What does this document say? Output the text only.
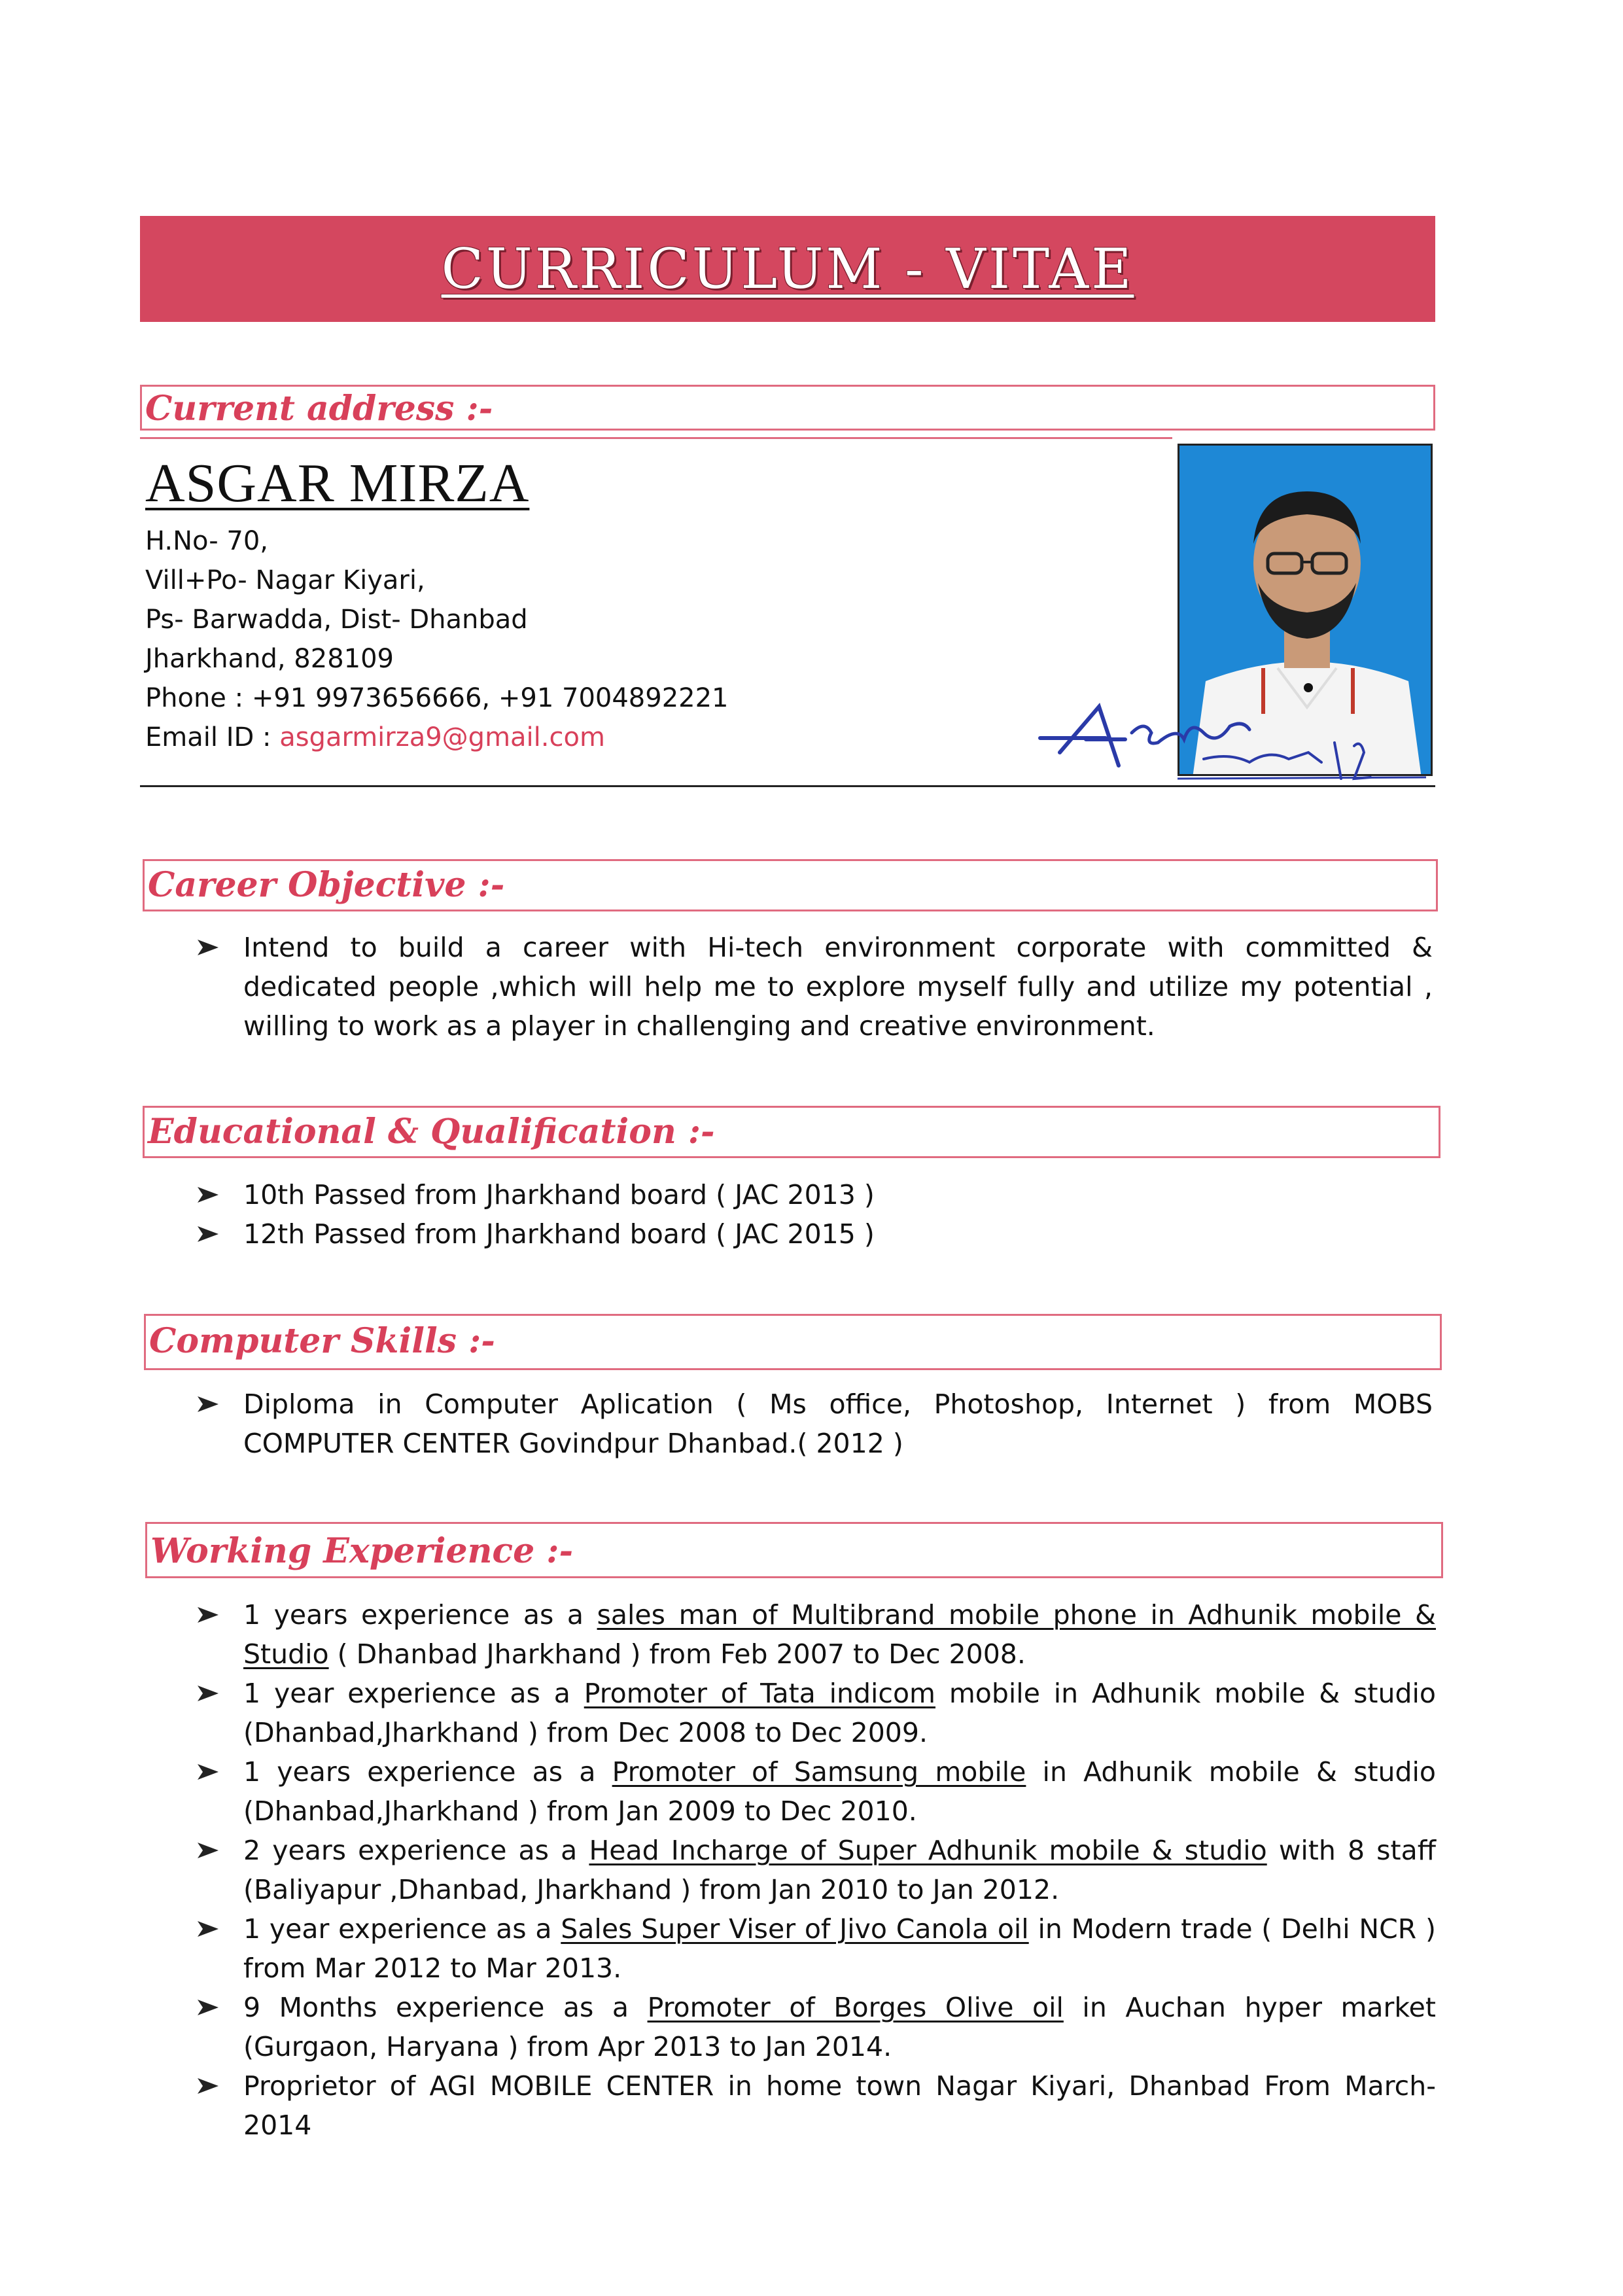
CURRICULUM - VITAE
Current address :-
ASGAR MIRZA
H.No- 70,
Vill+Po- Nagar Kiyari,
Ps- Barwadda, Dist- Dhanbad
Jharkhand, 828109
Phone : +91 9973656666, +91 7004892221
Email ID : asgarmirza9@gmail.com
Career Objective :-
Intend to build a career with Hi-tech environment corporate with committed & dedicated people ,which will help me to explore myself fully and utilize my potential , willing to work as a player in challenging and creative environment.
Educational & Qualification :-
10th Passed from Jharkhand board ( JAC 2013 )
12th Passed from Jharkhand board ( JAC 2015 )
Computer Skills :-
Diploma in Computer Aplication ( Ms office, Photoshop, Internet ) from MOBS COMPUTER CENTER Govindpur Dhanbad.( 2012 )
Working Experience :-
1 years experience as a sales man of Multibrand mobile phone in Adhunik mobile & Studio ( Dhanbad Jharkhand ) from Feb 2007 to Dec 2008.
1 year experience as a Promoter of Tata indicom mobile in Adhunik mobile & studio (Dhanbad,Jharkhand ) from Dec 2008 to Dec 2009.
1 years experience as a Promoter of Samsung mobile in Adhunik mobile & studio (Dhanbad,Jharkhand ) from Jan 2009 to Dec 2010.
2 years experience as a Head Incharge of Super Adhunik mobile & studio with 8 staff (Baliyapur ,Dhanbad, Jharkhand ) from Jan 2010 to Jan 2012.
1 year experience as a Sales Super Viser of Jivo Canola oil in Modern trade ( Delhi NCR ) from Mar 2012 to Mar 2013.
9 Months experience as a Promoter of Borges Olive oil in Auchan hyper market (Gurgaon, Haryana ) from Apr 2013 to Jan 2014.
Proprietor of AGI MOBILE CENTER in home town Nagar Kiyari, Dhanbad From March-2014
